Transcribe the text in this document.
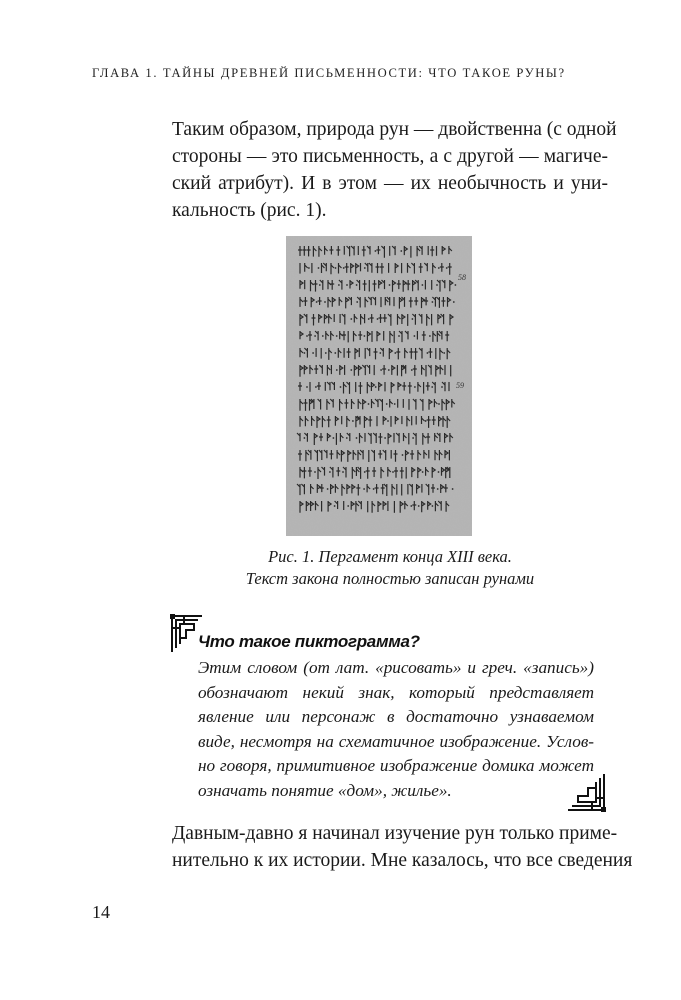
ГЛАВА 1. ТАЙНЫ ДРЕВНЕЙ ПИСЬМЕННОСТИ: ЧТО ТАКОЕ РУНЫ?
Таким образом, природа рун — двойственна (с одной
стороны — это письменность, а с другой — магиче-
ский атрибут). И в этом — их необычность и уни-
кальность (рис. 1).
58
59
Рис. 1. Пергамент конца XIII века.
Текст закона полностью записан рунами
Что такое пиктограмма?
Этим словом (от лат. «рисовать» и греч. «запись»)
обозначают некий знак, который представляет
явление или персонаж в достаточно узнаваемом
виде, несмотря на схематичное изображение. Услов-
но говоря, примитивное изображение домика может
означать понятие «дом», жилье».
Давным-давно я начинал изучение рун только приме-
нительно к их истории. Мне казалось, что все сведения
14
